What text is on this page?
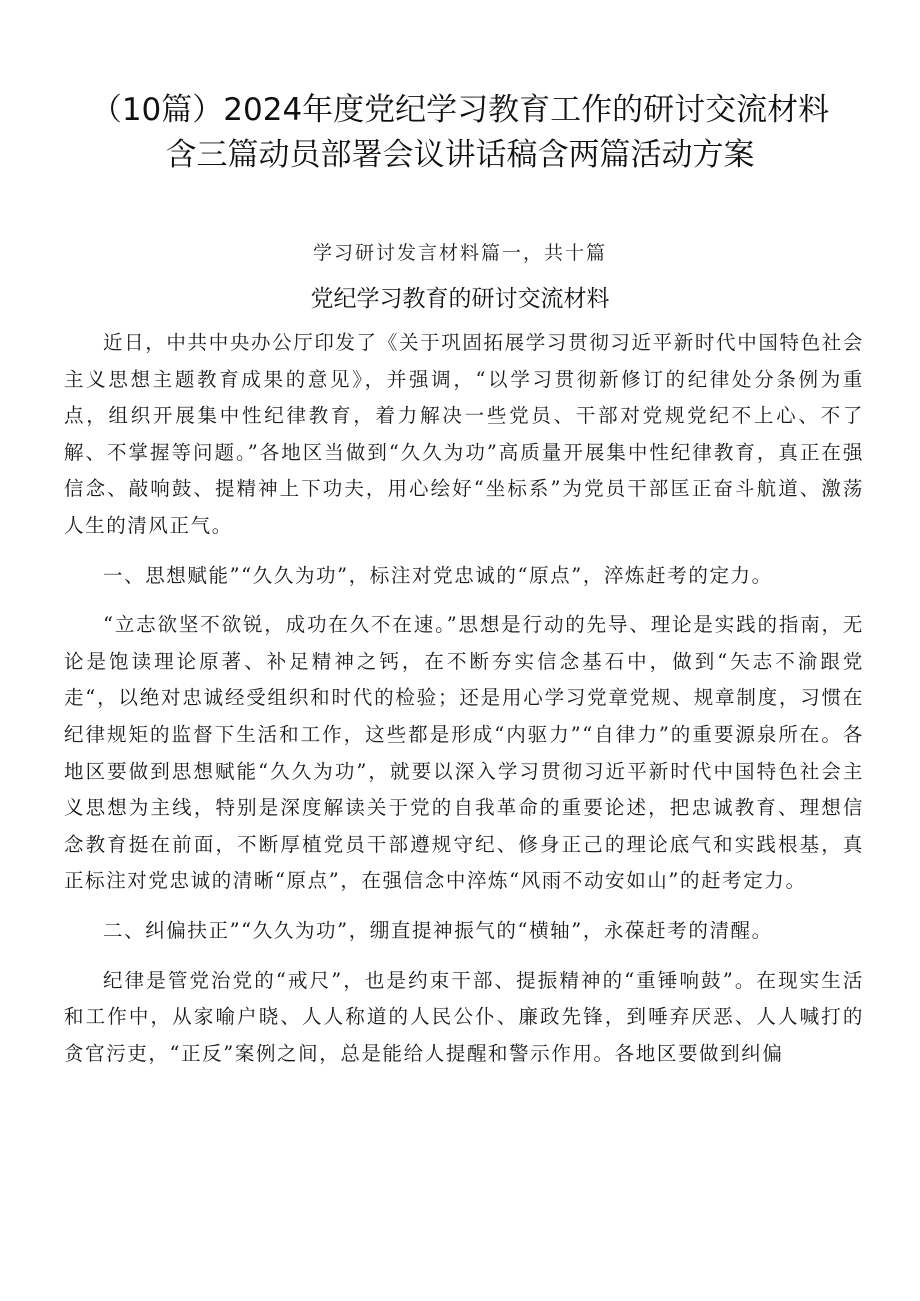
（10篇）2024年度党纪学习教育工作的研讨交流材料
含三篇动员部署会议讲话稿含两篇活动方案
学习研讨发言材料篇一，共十篇
党纪学习教育的研讨交流材料

近日，中共中央办公厅印发了《关于巩固拓展学习贯彻习近平新时代中国特色社会主义思想主题教育成果的意见》，并强调，“以学习贯彻新修订的纪律处分条例为重点，组织开展集中性纪律教育，着力解决一些党员、干部对党规党纪不上心、不了解、不掌握等问题。”各地区当做到“久久为功”高质量开展集中性纪律教育，真正在强信念、敲响鼓、提精神上下功夫，用心绘好“坐标系”为党员干部匡正奋斗航道、激荡人生的清风正气。

一、思想赋能”“久久为功”，标注对党忠诚的“原点”，淬炼赶考的定力。

“立志欲坚不欲锐，成功在久不在速。”思想是行动的先导、理论是实践的指南，无论是饱读理论原著、补足精神之钙，在不断夯实信念基石中，做到“矢志不渝跟党走“，以绝对忠诚经受组织和时代的检验；还是用心学习党章党规、规章制度，习惯在纪律规矩的监督下生活和工作，这些都是形成“内驱力”“自律力”的重要源泉所在。各地区要做到思想赋能“久久为功”，就要以深入学习贯彻习近平新时代中国特色社会主义思想为主线，特别是深度解读关于党的自我革命的重要论述，把忠诚教育、理想信念教育挺在前面，不断厚植党员干部遵规守纪、修身正己的理论底气和实践根基，真正标注对党忠诚的清晰“原点”，在强信念中淬炼“风雨不动安如山”的赶考定力。

二、纠偏扶正”“久久为功”，绷直提神振气的“横轴”，永葆赶考的清醒。

纪律是管党治党的“戒尺”，也是约束干部、提振精神的“重锤响鼓”。在现实生活和工作中，从家喻户晓、人人称道的人民公仆、廉政先锋，到唾弃厌恶、人人喊打的贪官污吏，“正反”案例之间，总是能给人提醒和警示作用。各地区要做到纠偏
